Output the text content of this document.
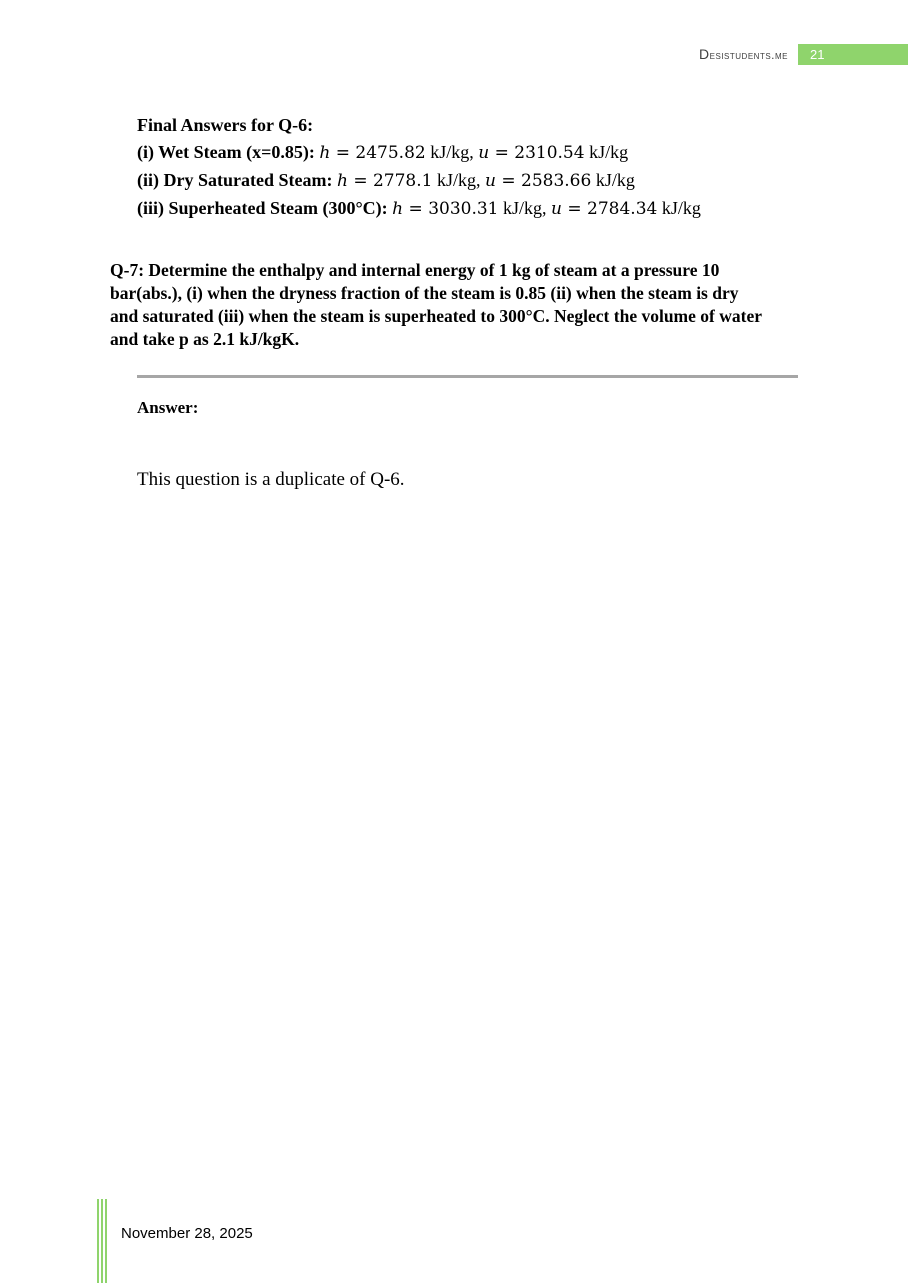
Desistudents.me	21
Final Answers for Q-6:
(i) Wet Steam (x=0.85): h = 2475.82 kJ/kg, u = 2310.54 kJ/kg
(ii) Dry Saturated Steam: h = 2778.1 kJ/kg, u = 2583.66 kJ/kg
(iii) Superheated Steam (300°C): h = 3030.31 kJ/kg, u = 2784.34 kJ/kg
Q-7: Determine the enthalpy and internal energy of 1 kg of steam at a pressure 10
bar(abs.), (i) when the dryness fraction of the steam is 0.85 (ii) when the steam is dry
and saturated (iii) when the steam is superheated to 300°C. Neglect the volume of water
and take p as 2.1 kJ/kgK.
Answer:
This question is a duplicate of Q-6.
November 28, 2025
